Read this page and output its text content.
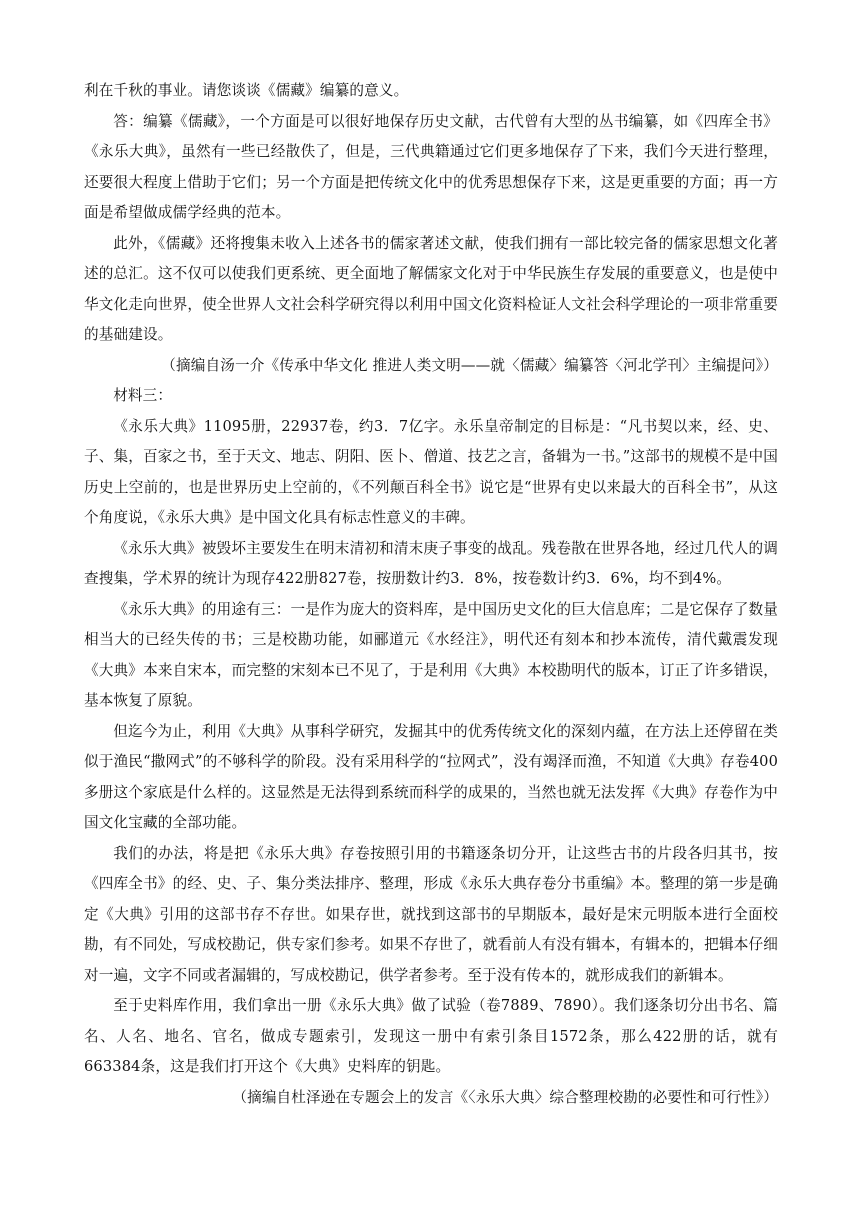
利在千秋的事业。请您谈谈《儒藏》编纂的意义。

答：编纂《儒藏》，一个方面是可以很好地保存历史文献，古代曾有大型的丛书编纂，如《四库全书》《永乐大典》，虽然有一些已经散佚了，但是，三代典籍通过它们更多地保存了下来，我们今天进行整理，还要很大程度上借助于它们；另一个方面是把传统文化中的优秀思想保存下来，这是更重要的方面；再一方面是希望做成儒学经典的范本。

此外，《儒藏》还将搜集未收入上述各书的儒家著述文献，使我们拥有一部比较完备的儒家思想文化著述的总汇。这不仅可以使我们更系统、更全面地了解儒家文化对于中华民族生存发展的重要意义，也是使中华文化走向世界，使全世界人文社会科学研究得以利用中国文化资料检证人文社会科学理论的一项非常重要的基础建设。

（摘编自汤一介《传承中华文化 推进人类文明——就〈儒藏〉编纂答〈河北学刊〉主编提问》）

材料三：

《永乐大典》11095册，22937卷，约3．7亿字。永乐皇帝制定的目标是：“凡书契以来，经、史、子、集，百家之书，至于天文、地志、阴阳、医卜、僧道、技艺之言，备辑为一书。”这部书的规模不是中国历史上空前的，也是世界历史上空前的，《不列颠百科全书》说它是“世界有史以来最大的百科全书”，从这个角度说，《永乐大典》是中国文化具有标志性意义的丰碑。

《永乐大典》被毁坏主要发生在明末清初和清末庚子事变的战乱。残卷散在世界各地，经过几代人的调查搜集，学术界的统计为现存422册827卷，按册数计约3．8%，按卷数计约3．6%，均不到4%。

《永乐大典》的用途有三：一是作为庞大的资料库，是中国历史文化的巨大信息库；二是它保存了数量相当大的已经失传的书；三是校勘功能，如郦道元《水经注》，明代还有刻本和抄本流传，清代戴震发现《大典》本来自宋本，而完整的宋刻本已不见了，于是利用《大典》本校勘明代的版本，订正了许多错误，基本恢复了原貌。

但迄今为止，利用《大典》从事科学研究，发掘其中的优秀传统文化的深刻内蕴，在方法上还停留在类似于渔民“撒网式”的不够科学的阶段。没有采用科学的“拉网式”，没有竭泽而渔，不知道《大典》存卷400多册这个家底是什么样的。这显然是无法得到系统而科学的成果的，当然也就无法发挥《大典》存卷作为中国文化宝藏的全部功能。

我们的办法，将是把《永乐大典》存卷按照引用的书籍逐条切分开，让这些古书的片段各归其书，按《四库全书》的经、史、子、集分类法排序、整理，形成《永乐大典存卷分书重编》本。整理的第一步是确定《大典》引用的这部书存不存世。如果存世，就找到这部书的早期版本，最好是宋元明版本进行全面校勘，有不同处，写成校勘记，供专家们参考。如果不存世了，就看前人有没有辑本，有辑本的，把辑本仔细对一遍，文字不同或者漏辑的，写成校勘记，供学者参考。至于没有传本的，就形成我们的新辑本。

至于史料库作用，我们拿出一册《永乐大典》做了试验（卷7889、7890）。我们逐条切分出书名、篇名、人名、地名、官名，做成专题索引，发现这一册中有索引条目1572条，那么422册的话，就有663384条，这是我们打开这个《大典》史料库的钥匙。

（摘编自杜泽逊在专题会上的发言《〈永乐大典〉综合整理校勘的必要性和可行性》）
